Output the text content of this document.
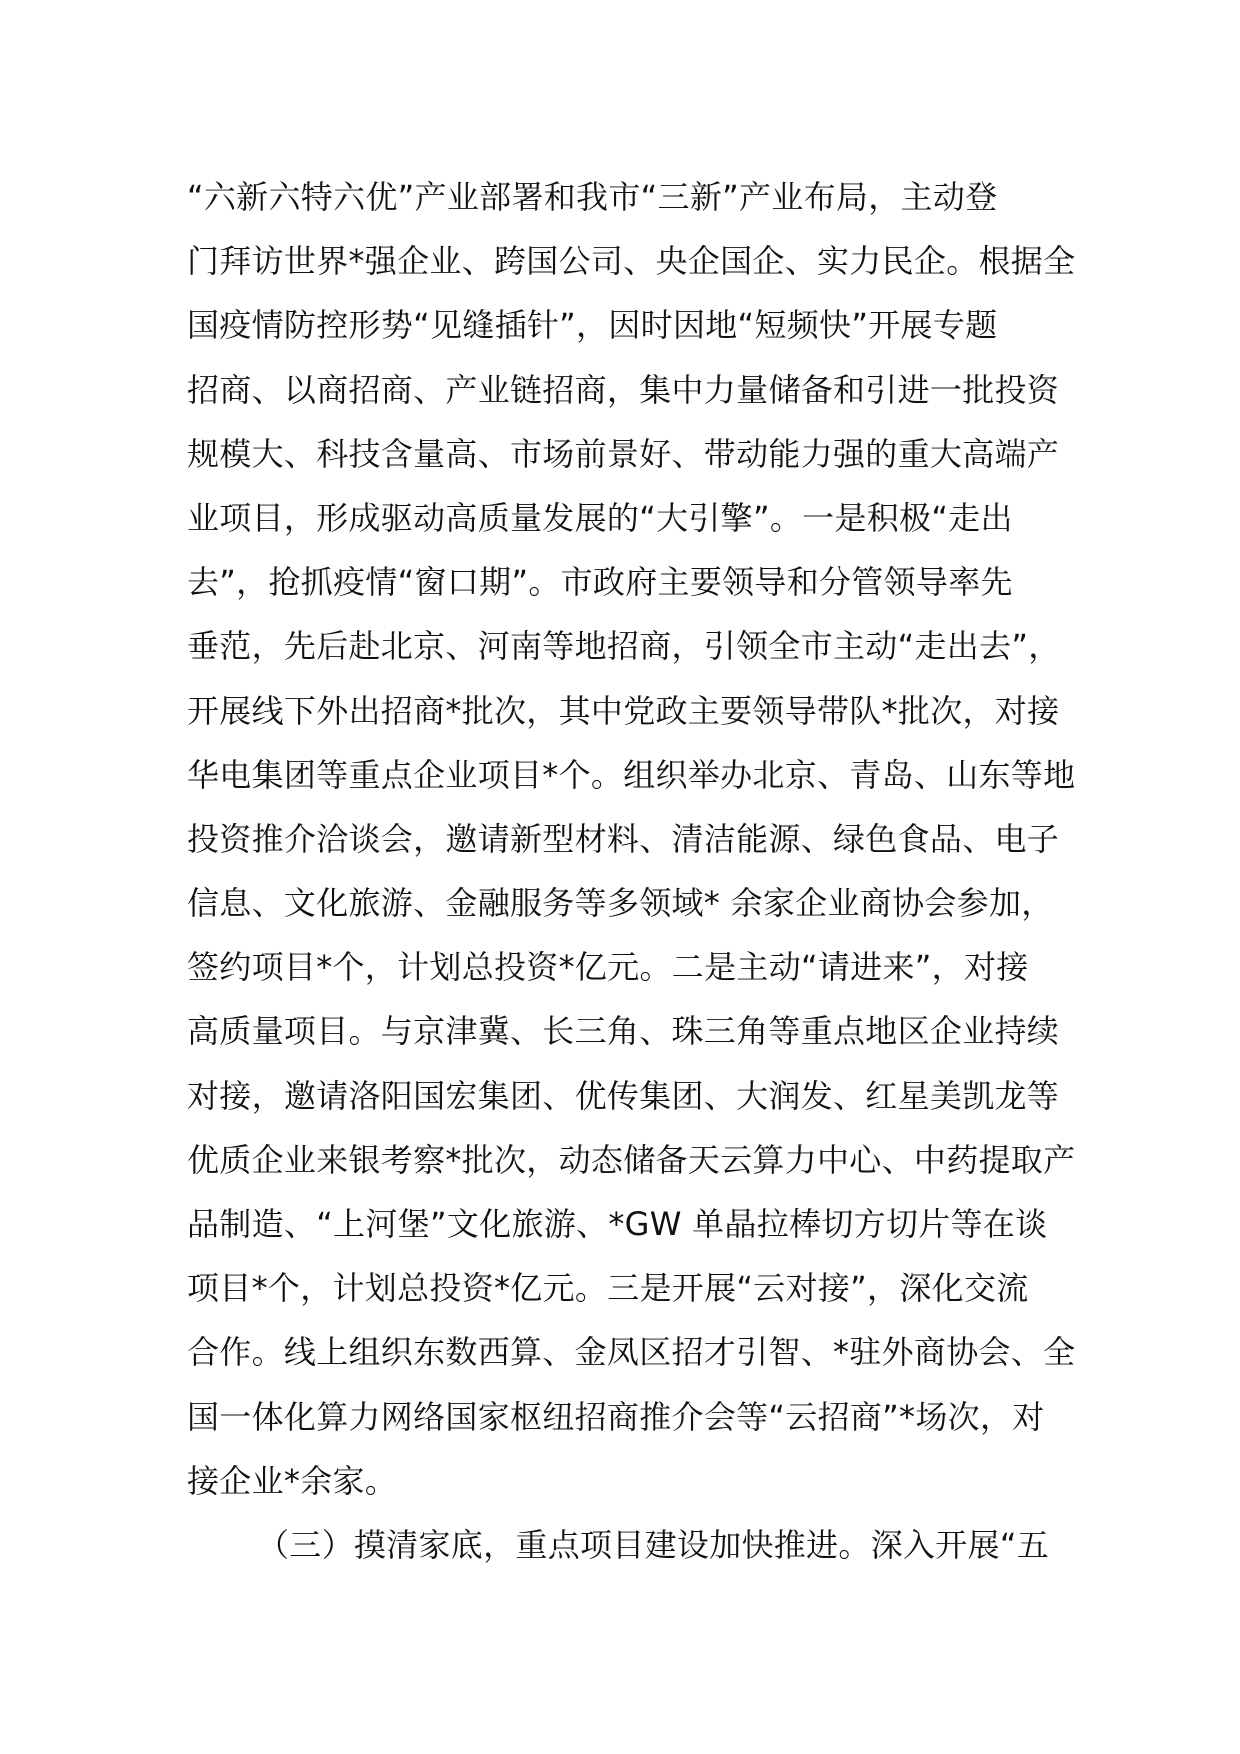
“六新六特六优”产业部署和我市“三新”产业布局，主动登
门拜访世界*强企业、跨国公司、央企国企、实力民企。根据全
国疫情防控形势“见缝插针”，因时因地“短频快”开展专题
招商、以商招商、产业链招商，集中力量储备和引进一批投资
规模大、科技含量高、市场前景好、带动能力强的重大高端产
业项目，形成驱动高质量发展的“大引擎”。一是积极“走出
去”，抢抓疫情“窗口期”。市政府主要领导和分管领导率先
垂范，先后赴北京、河南等地招商，引领全市主动“走出去”，
开展线下外出招商*批次，其中党政主要领导带队*批次，对接
华电集团等重点企业项目*个。组织举办北京、青岛、山东等地
投资推介洽谈会，邀请新型材料、清洁能源、绿色食品、电子
信息、文化旅游、金融服务等多领域* 余家企业商协会参加，
签约项目*个，计划总投资*亿元。二是主动“请进来”，对接
高质量项目。与京津冀、长三角、珠三角等重点地区企业持续
对接，邀请洛阳国宏集团、优传集团、大润发、红星美凯龙等
优质企业来银考察*批次，动态储备天云算力中心、中药提取产
品制造、“上河堡”文化旅游、*GW 单晶拉棒切方切片等在谈
项目*个，计划总投资*亿元。三是开展“云对接”，深化交流
合作。线上组织东数西算、金凤区招才引智、*驻外商协会、全
国一体化算力网络国家枢纽招商推介会等“云招商”*场次，对
接企业*余家。
（三）摸清家底，重点项目建设加快推进。深入开展“五
